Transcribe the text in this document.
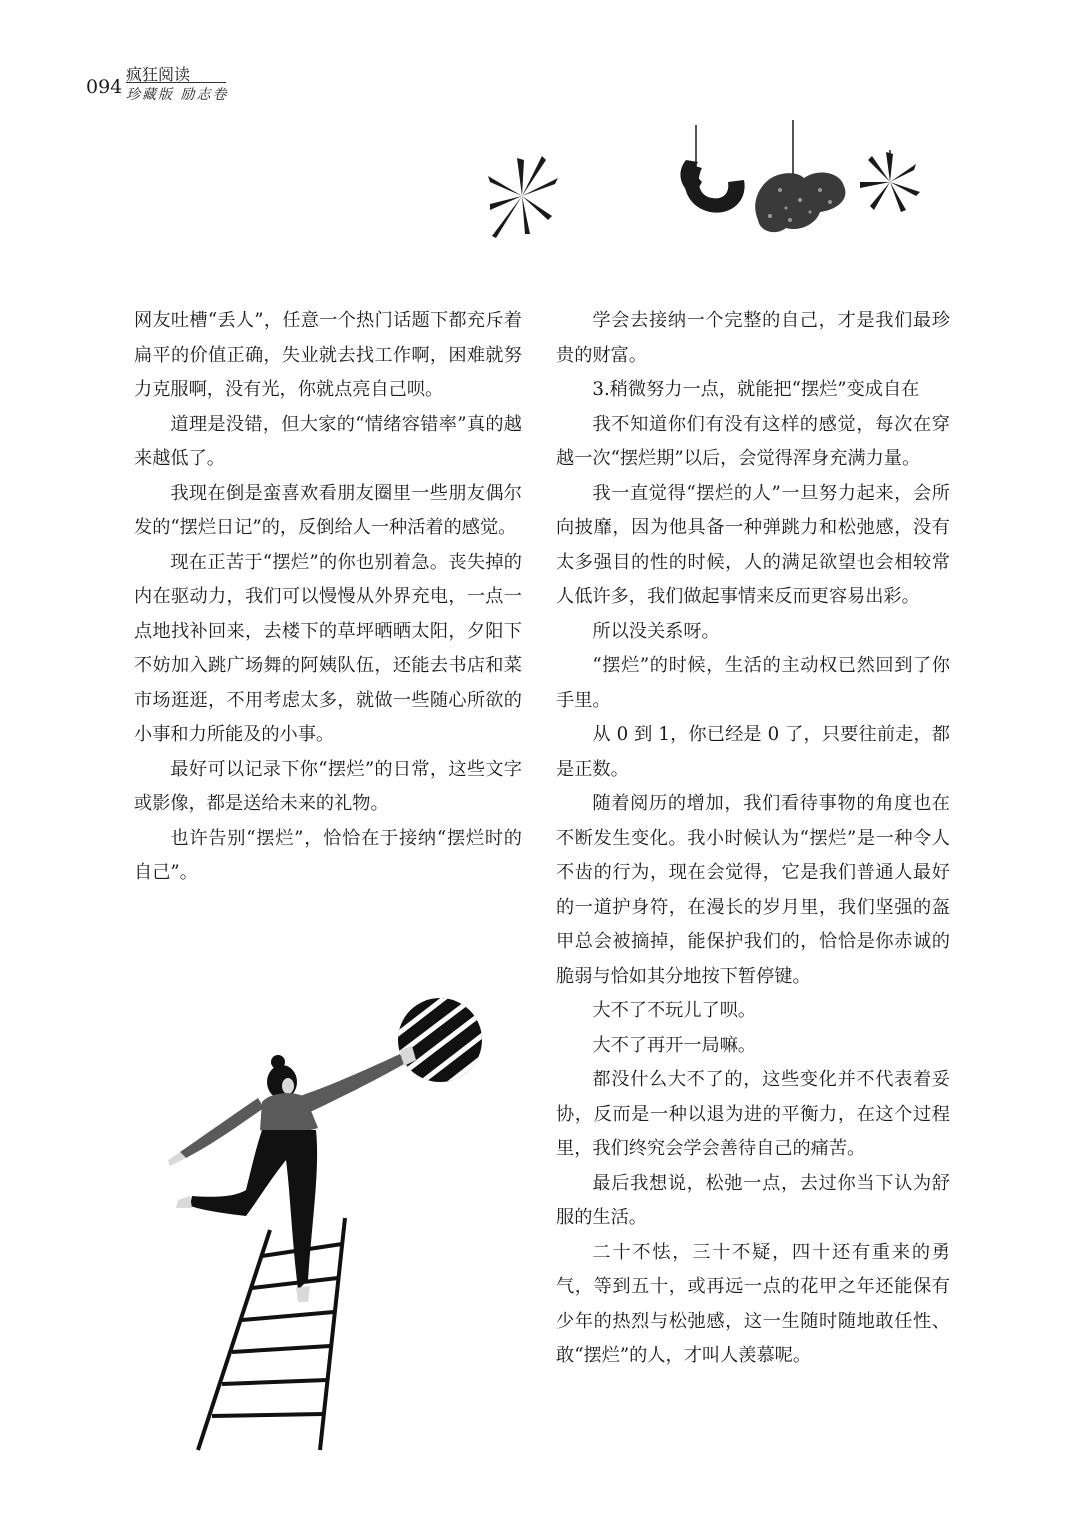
094
疯狂阅读
珍藏版 励志卷

网友吐槽“丢人”，任意一个热门话题下都充斥着扁平的价值正确，失业就去找工作啊，困难就努力克服啊，没有光，你就点亮自己呗。

道理是没错，但大家的“情绪容错率”真的越来越低了。

我现在倒是蛮喜欢看朋友圈里一些朋友偶尔发的“摆烂日记”的，反倒给人一种活着的感觉。

现在正苦于“摆烂”的你也别着急。丧失掉的内在驱动力，我们可以慢慢从外界充电，一点一点地找补回来，去楼下的草坪晒晒太阳，夕阳下不妨加入跳广场舞的阿姨队伍，还能去书店和菜市场逛逛，不用考虑太多，就做一些随心所欲的小事和力所能及的小事。

最好可以记录下你“摆烂”的日常，这些文字或影像，都是送给未来的礼物。

也许告别“摆烂”，恰恰在于接纳“摆烂时的自己”。

学会去接纳一个完整的自己，才是我们最珍贵的财富。

3.稍微努力一点，就能把“摆烂”变成自在

我不知道你们有没有这样的感觉，每次在穿越一次“摆烂期”以后，会觉得浑身充满力量。

我一直觉得“摆烂的人”一旦努力起来，会所向披靡，因为他具备一种弹跳力和松弛感，没有太多强目的性的时候，人的满足欲望也会相较常人低许多，我们做起事情来反而更容易出彩。

所以没关系呀。

“摆烂”的时候，生活的主动权已然回到了你手里。

从 0 到 1，你已经是 0 了，只要往前走，都是正数。

随着阅历的增加，我们看待事物的角度也在不断发生变化。我小时候认为“摆烂”是一种令人不齿的行为，现在会觉得，它是我们普通人最好的一道护身符，在漫长的岁月里，我们坚强的盔甲总会被摘掉，能保护我们的，恰恰是你赤诚的脆弱与恰如其分地按下暂停键。

大不了不玩儿了呗。

大不了再开一局嘛。

都没什么大不了的，这些变化并不代表着妥协，反而是一种以退为进的平衡力，在这个过程里，我们终究会学会善待自己的痛苦。

最后我想说，松弛一点，去过你当下认为舒服的生活。

二十不怯，三十不疑，四十还有重来的勇气，等到五十，或再远一点的花甲之年还能保有少年的热烈与松弛感，这一生随时随地敢任性、敢“摆烂”的人，才叫人羡慕呢。
